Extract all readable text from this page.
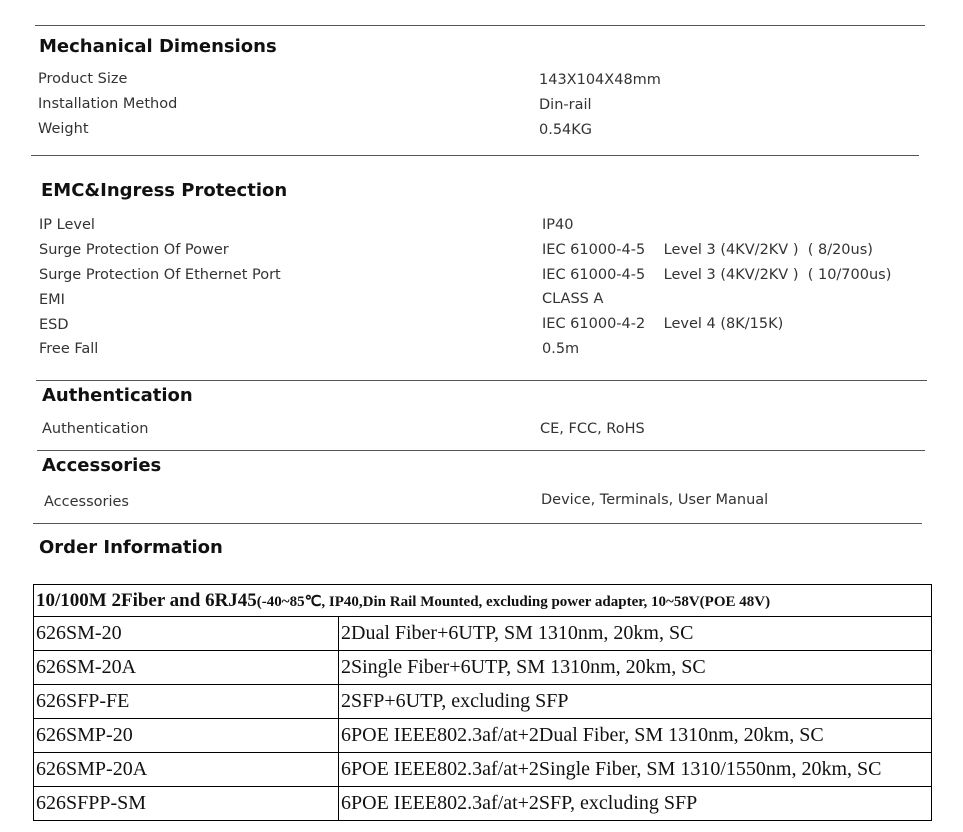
Mechanical Dimensions
Product Size	143X104X48mm
Installation Method	Din-rail
Weight	0.54KG
EMC&Ingress Protection
IP Level	IP40
Surge Protection Of Power	IEC 61000-4-5    Level 3 (4KV/2KV )  ( 8/20us)
Surge Protection Of Ethernet Port	IEC 61000-4-5    Level 3 (4KV/2KV )  ( 10/700us)
EMI	CLASS A
ESD	IEC 61000-4-2    Level 4 (8K/15K)
Free Fall	0.5m
Authentication
Authentication	CE, FCC, RoHS
Accessories
Accessories	Device, Terminals, User Manual
Order Information
10/100M 2Fiber and 6RJ45(-40~85℃, IP40,Din Rail Mounted, excluding power adapter, 10~58V(POE 48V)	
626SM-20	2Dual Fiber+6UTP, SM 1310nm, 20km, SC
626SM-20A	2Single Fiber+6UTP, SM 1310nm, 20km, SC
626SFP-FE	2SFP+6UTP, excluding SFP
626SMP-20	6POE IEEE802.3af/at+2Dual Fiber, SM 1310nm, 20km, SC
626SMP-20A	6POE IEEE802.3af/at+2Single Fiber, SM 1310/1550nm, 20km, SC
626SFPP-SM	6POE IEEE802.3af/at+2SFP, excluding SFP
